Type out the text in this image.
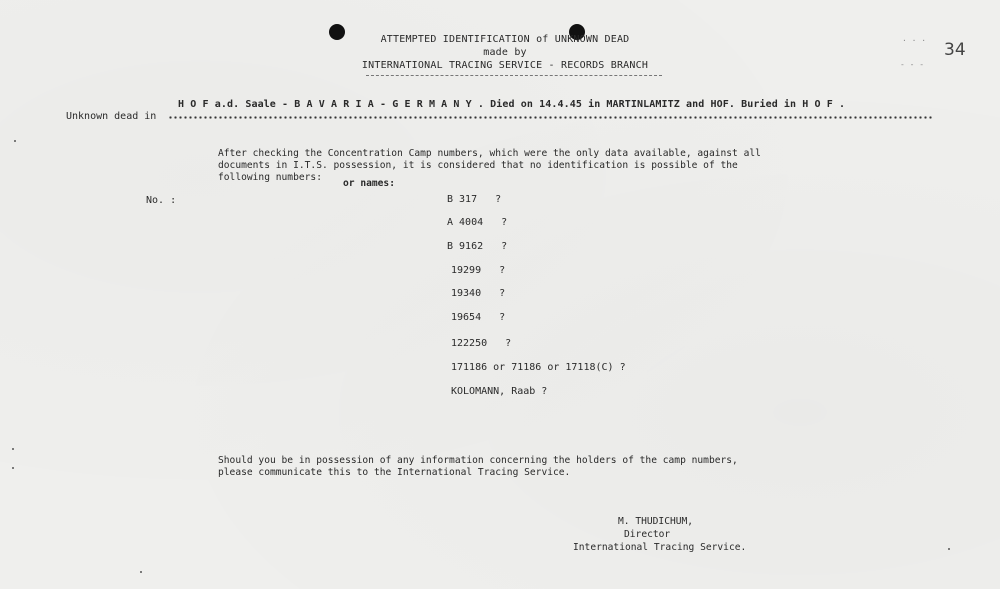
34
. . .
- - -
ATTEMPTED IDENTIFICATION of UNKNOWN DEAD
made by
INTERNATIONAL TRACING SERVICE - RECORDS BRANCH
Unknown dead in
H O F a.d. Saale - B A V A R I A - G E R M A N Y . Died on 14.4.45 in MARTINLAMITZ and HOF. Buried in H O F .
After checking the Concentration Camp numbers, which were the only data available, against all
documents in I.T.S. possession, it is considered that no identification is possible of the
following numbers:
or names:
No. :	B 317   ?
A 4004   ?
B 9162   ?
19299   ?
19340   ?
19654   ?
122250   ?
171186 or 71186 or 17118(C) ?
KOLOMANN, Raab ?
Should you be in possession of any information concerning the holders of the camp numbers,
please communicate this to the International Tracing Service.
M. THUDICHUM,
Director
International Tracing Service.
